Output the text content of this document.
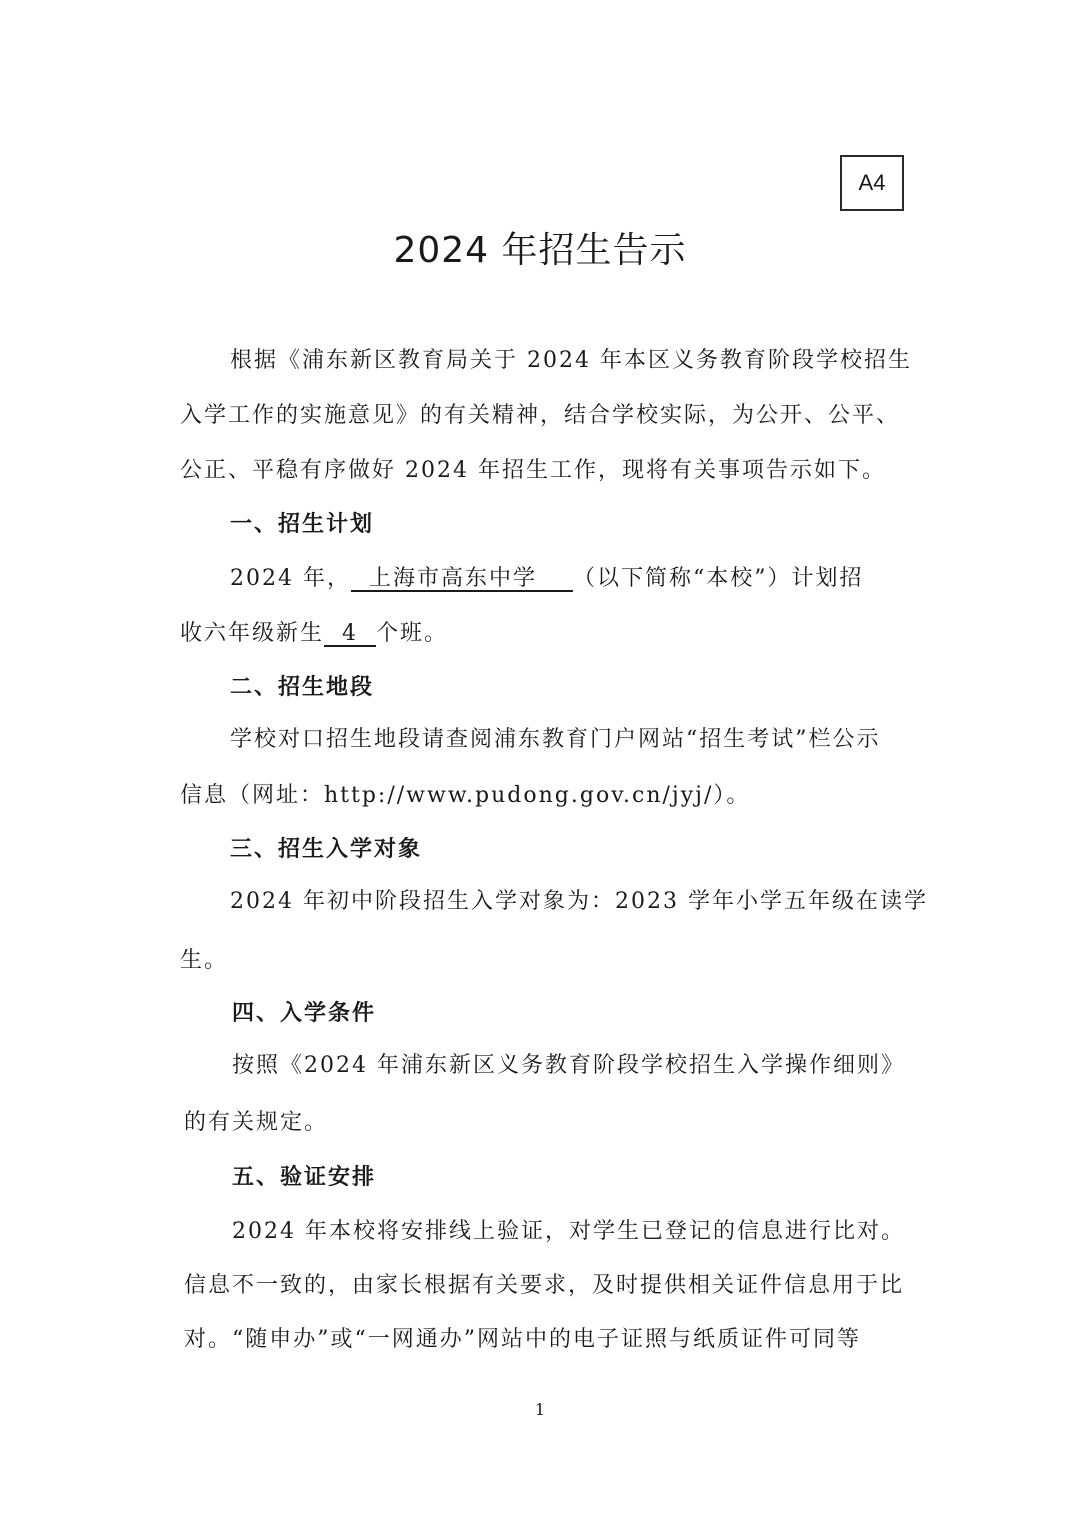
A4
2024 年招生告示
根据《浦东新区教育局关于 2024 年本区义务教育阶段学校招生
入学工作的实施意见》的有关精神，结合学校实际，为公开、公平、
公正、平稳有序做好 2024 年招生工作，现将有关事项告示如下。
一、招生计划
2024 年，  上海市高东中学    （以下简称“本校”）计划招
收六年级新生  4  个班。
二、招生地段
学校对口招生地段请查阅浦东教育门户网站“招生考试”栏公示
信息（网址：http://www.pudong.gov.cn/jyj/）。
三、招生入学对象
2024 年初中阶段招生入学对象为：2023 学年小学五年级在读学
生。
四、入学条件
按照《2024 年浦东新区义务教育阶段学校招生入学操作细则》
的有关规定。
五、验证安排
2024 年本校将安排线上验证，对学生已登记的信息进行比对。
信息不一致的，由家长根据有关要求，及时提供相关证件信息用于比
对。“随申办”或“一网通办”网站中的电子证照与纸质证件可同等
1
